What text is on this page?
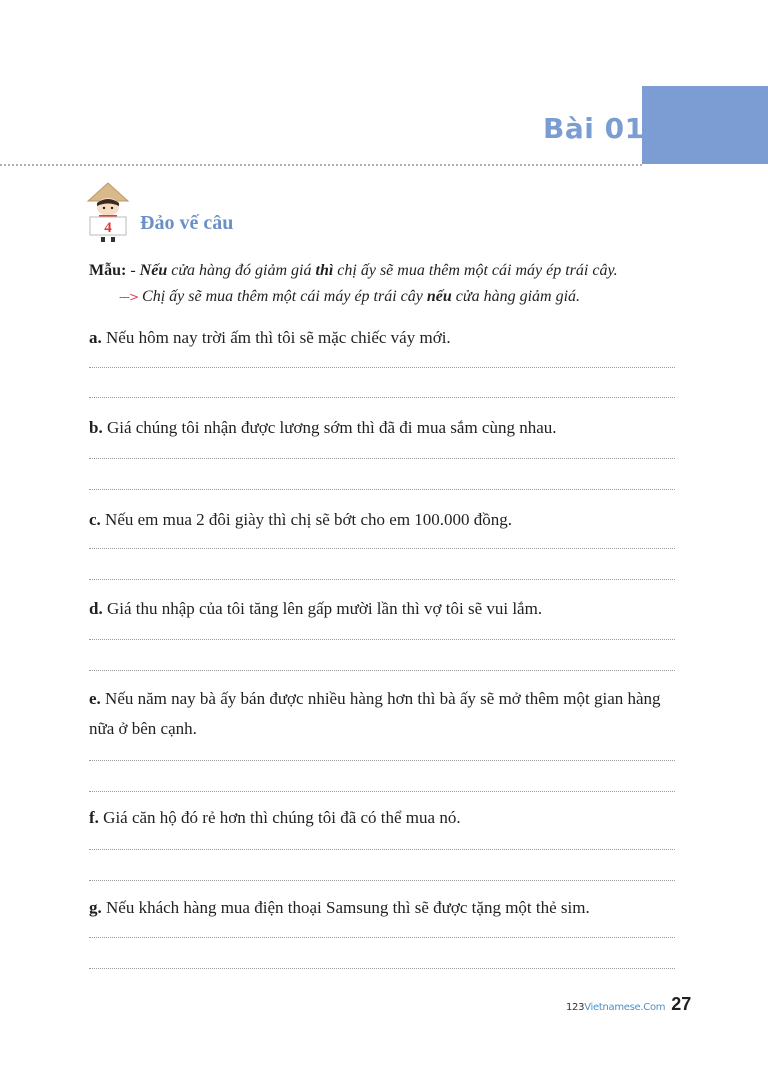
Bài 01
4 Đảo vế câu
Mẫu: - Nếu cửa hàng đó giảm giá thì chị ấy sẽ mua thêm một cái máy ép trái cây.
---> Chị ấy sẽ mua thêm một cái máy ép trái cây nếu cửa hàng giảm giá.
a. Nếu hôm nay trời ấm thì tôi sẽ mặc chiếc váy mới.
b. Giá chúng tôi nhận được lương sớm thì đã đi mua sắm cùng nhau.
c. Nếu em mua 2 đôi giày thì chị sẽ bớt cho em 100.000 đồng.
d. Giá thu nhập của tôi tăng lên gấp mười lần thì vợ tôi sẽ vui lắm.
e. Nếu năm nay bà ấy bán được nhiều hàng hơn thì bà ấy sẽ mở thêm một gian hàng nữa ở bên cạnh.
f. Giá căn hộ đó rẻ hơn thì chúng tôi đã có thể mua nó.
g. Nếu khách hàng mua điện thoại Samsung thì sẽ được tặng một thẻ sim.
123Vietnamese.Com 27
